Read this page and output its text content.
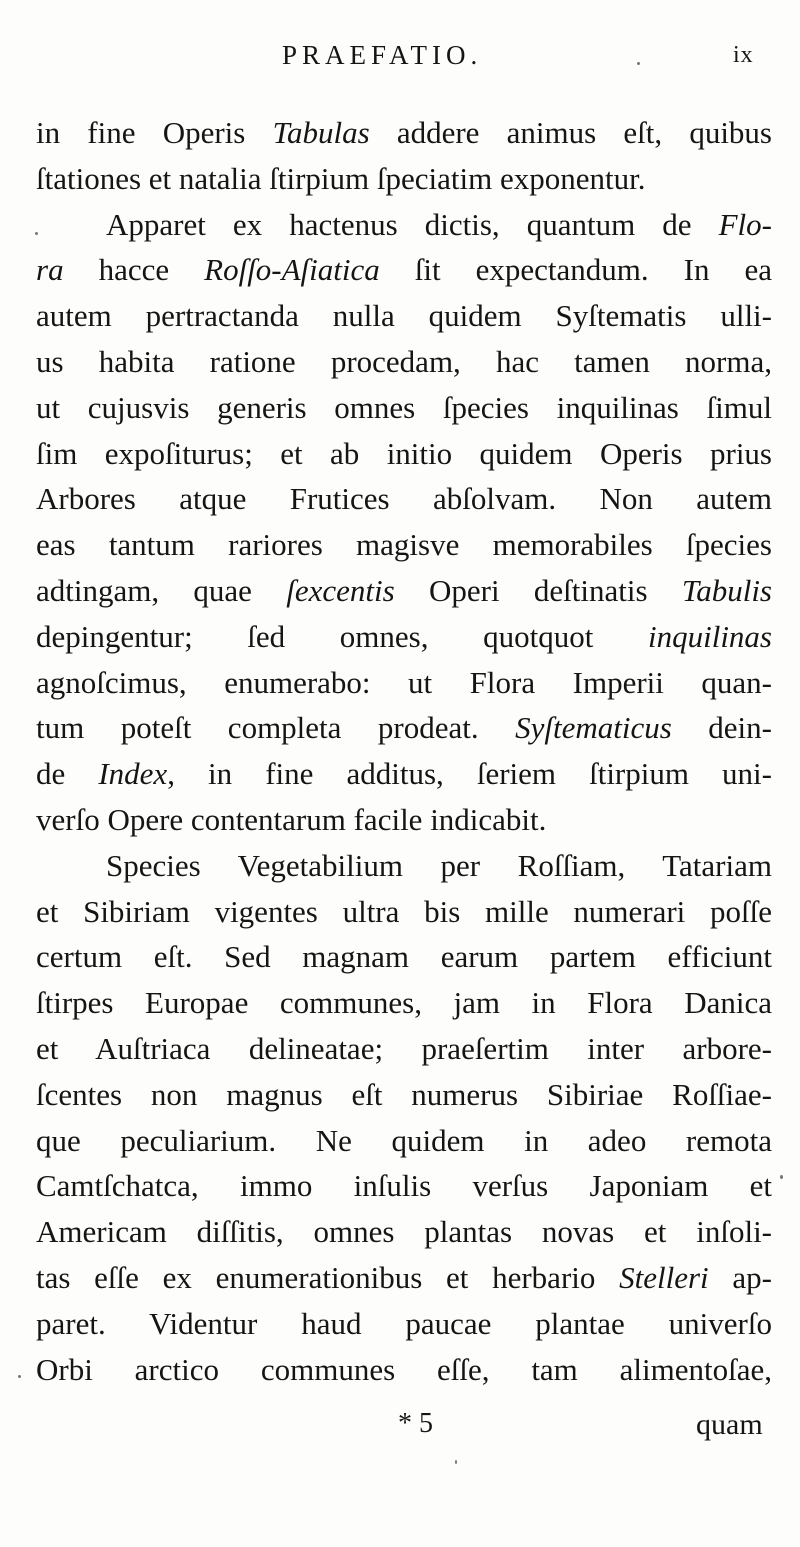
PRAEFATIO.	ix
in fine Operis Tabulas addere animus eſt, quibus
ſtationes et natalia ſtirpium ſpeciatim exponentur.
Apparet ex hactenus dictis, quantum de Flo-
ra hacce Roſſo-Aſiatica ſit expectandum. In ea
autem pertractanda nulla quidem Syſtematis ulli-
us habita ratione procedam, hac tamen norma,
ut cujusvis generis omnes ſpecies inquilinas ſimul
ſim expoſiturus; et ab initio quidem Operis prius
Arbores atque Frutices abſolvam. Non autem
eas tantum rariores magisve memorabiles ſpecies
adtingam, quae ſexcentis Operi deſtinatis Tabulis
depingentur; ſed omnes, quotquot inquilinas
agnoſcimus, enumerabo: ut Flora Imperii quan-
tum poteſt completa prodeat. Syſtematicus dein-
de Index, in fine additus, ſeriem ſtirpium uni-
verſo Opere contentarum facile indicabit.
Species Vegetabilium per Roſſiam, Tatariam
et Sibiriam vigentes ultra bis mille numerari poſſe
certum eſt. Sed magnam earum partem efficiunt
ſtirpes Europae communes, jam in Flora Danica
et Auſtriaca delineatae; praeſertim inter arbore-
ſcentes non magnus eſt numerus Sibiriae Roſſiae-
que peculiarium. Ne quidem in adeo remota
Camtſchatca, immo inſulis verſus Japoniam et
Americam diſſitis, omnes plantas novas et inſoli-
tas eſſe ex enumerationibus et herbario Stelleri ap-
paret. Videntur haud paucae plantae univerſo
Orbi arctico communes eſſe, tam alimentoſae,
* 5	quam
